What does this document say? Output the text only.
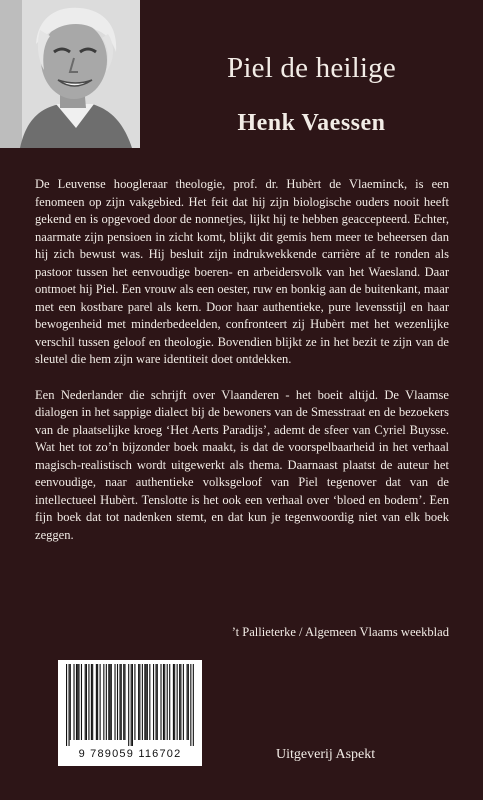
Piel de heilige
Henk Vaessen

De Leuvense hoogleraar theologie, prof. dr. Hubèrt de Vlaeminck, is een fenomeen op zijn vakgebied. Het feit dat hij zijn biologische ouders nooit heeft gekend en is opgevoed door de nonnetjes, lijkt hij te hebben geaccepteerd. Echter, naarmate zijn pensioen in zicht komt, blijkt dit gemis hem meer te beheersen dan hij zich bewust was. Hij besluit zijn indrukwekkende carrière af te ronden als pastoor tussen het eenvoudige boeren- en arbeidersvolk van het Waesland. Daar ontmoet hij Piel. Een vrouw als een oester, ruw en bonkig aan de buitenkant, maar met een kostbare parel als kern. Door haar authentieke, pure levensstijl en haar bewogenheid met minderbedeelden, confronteert zij Hubèrt met het wezenlijke verschil tussen geloof en theologie. Bovendien blijkt ze in het bezit te zijn van de sleutel die hem zijn ware identiteit doet ontdekken.

Een Nederlander die schrijft over Vlaanderen - het boeit altijd. De Vlaamse dialogen in het sappige dialect bij de bewoners van de Smesstraat en de bezoekers van de plaatselijke kroeg ‘Het Aerts Paradijs’, ademt de sfeer van Cyriel Buysse. Wat het tot zo’n bijzonder boek maakt, is dat de voorspelbaarheid in het verhaal magisch-realistisch wordt uitgewerkt als thema. Daarnaast plaatst de auteur het eenvoudige, naar authentieke volksgeloof van Piel tegenover dat van de intellectueel Hubèrt. Tenslotte is het ook een verhaal over ‘bloed en bodem’. Een fijn boek dat tot nadenken stemt, en dat kun je tegenwoordig niet van elk boek zeggen.

’t Pallieterke / Algemeen Vlaams weekblad
9 789059 116702	Uitgeverij Aspekt
